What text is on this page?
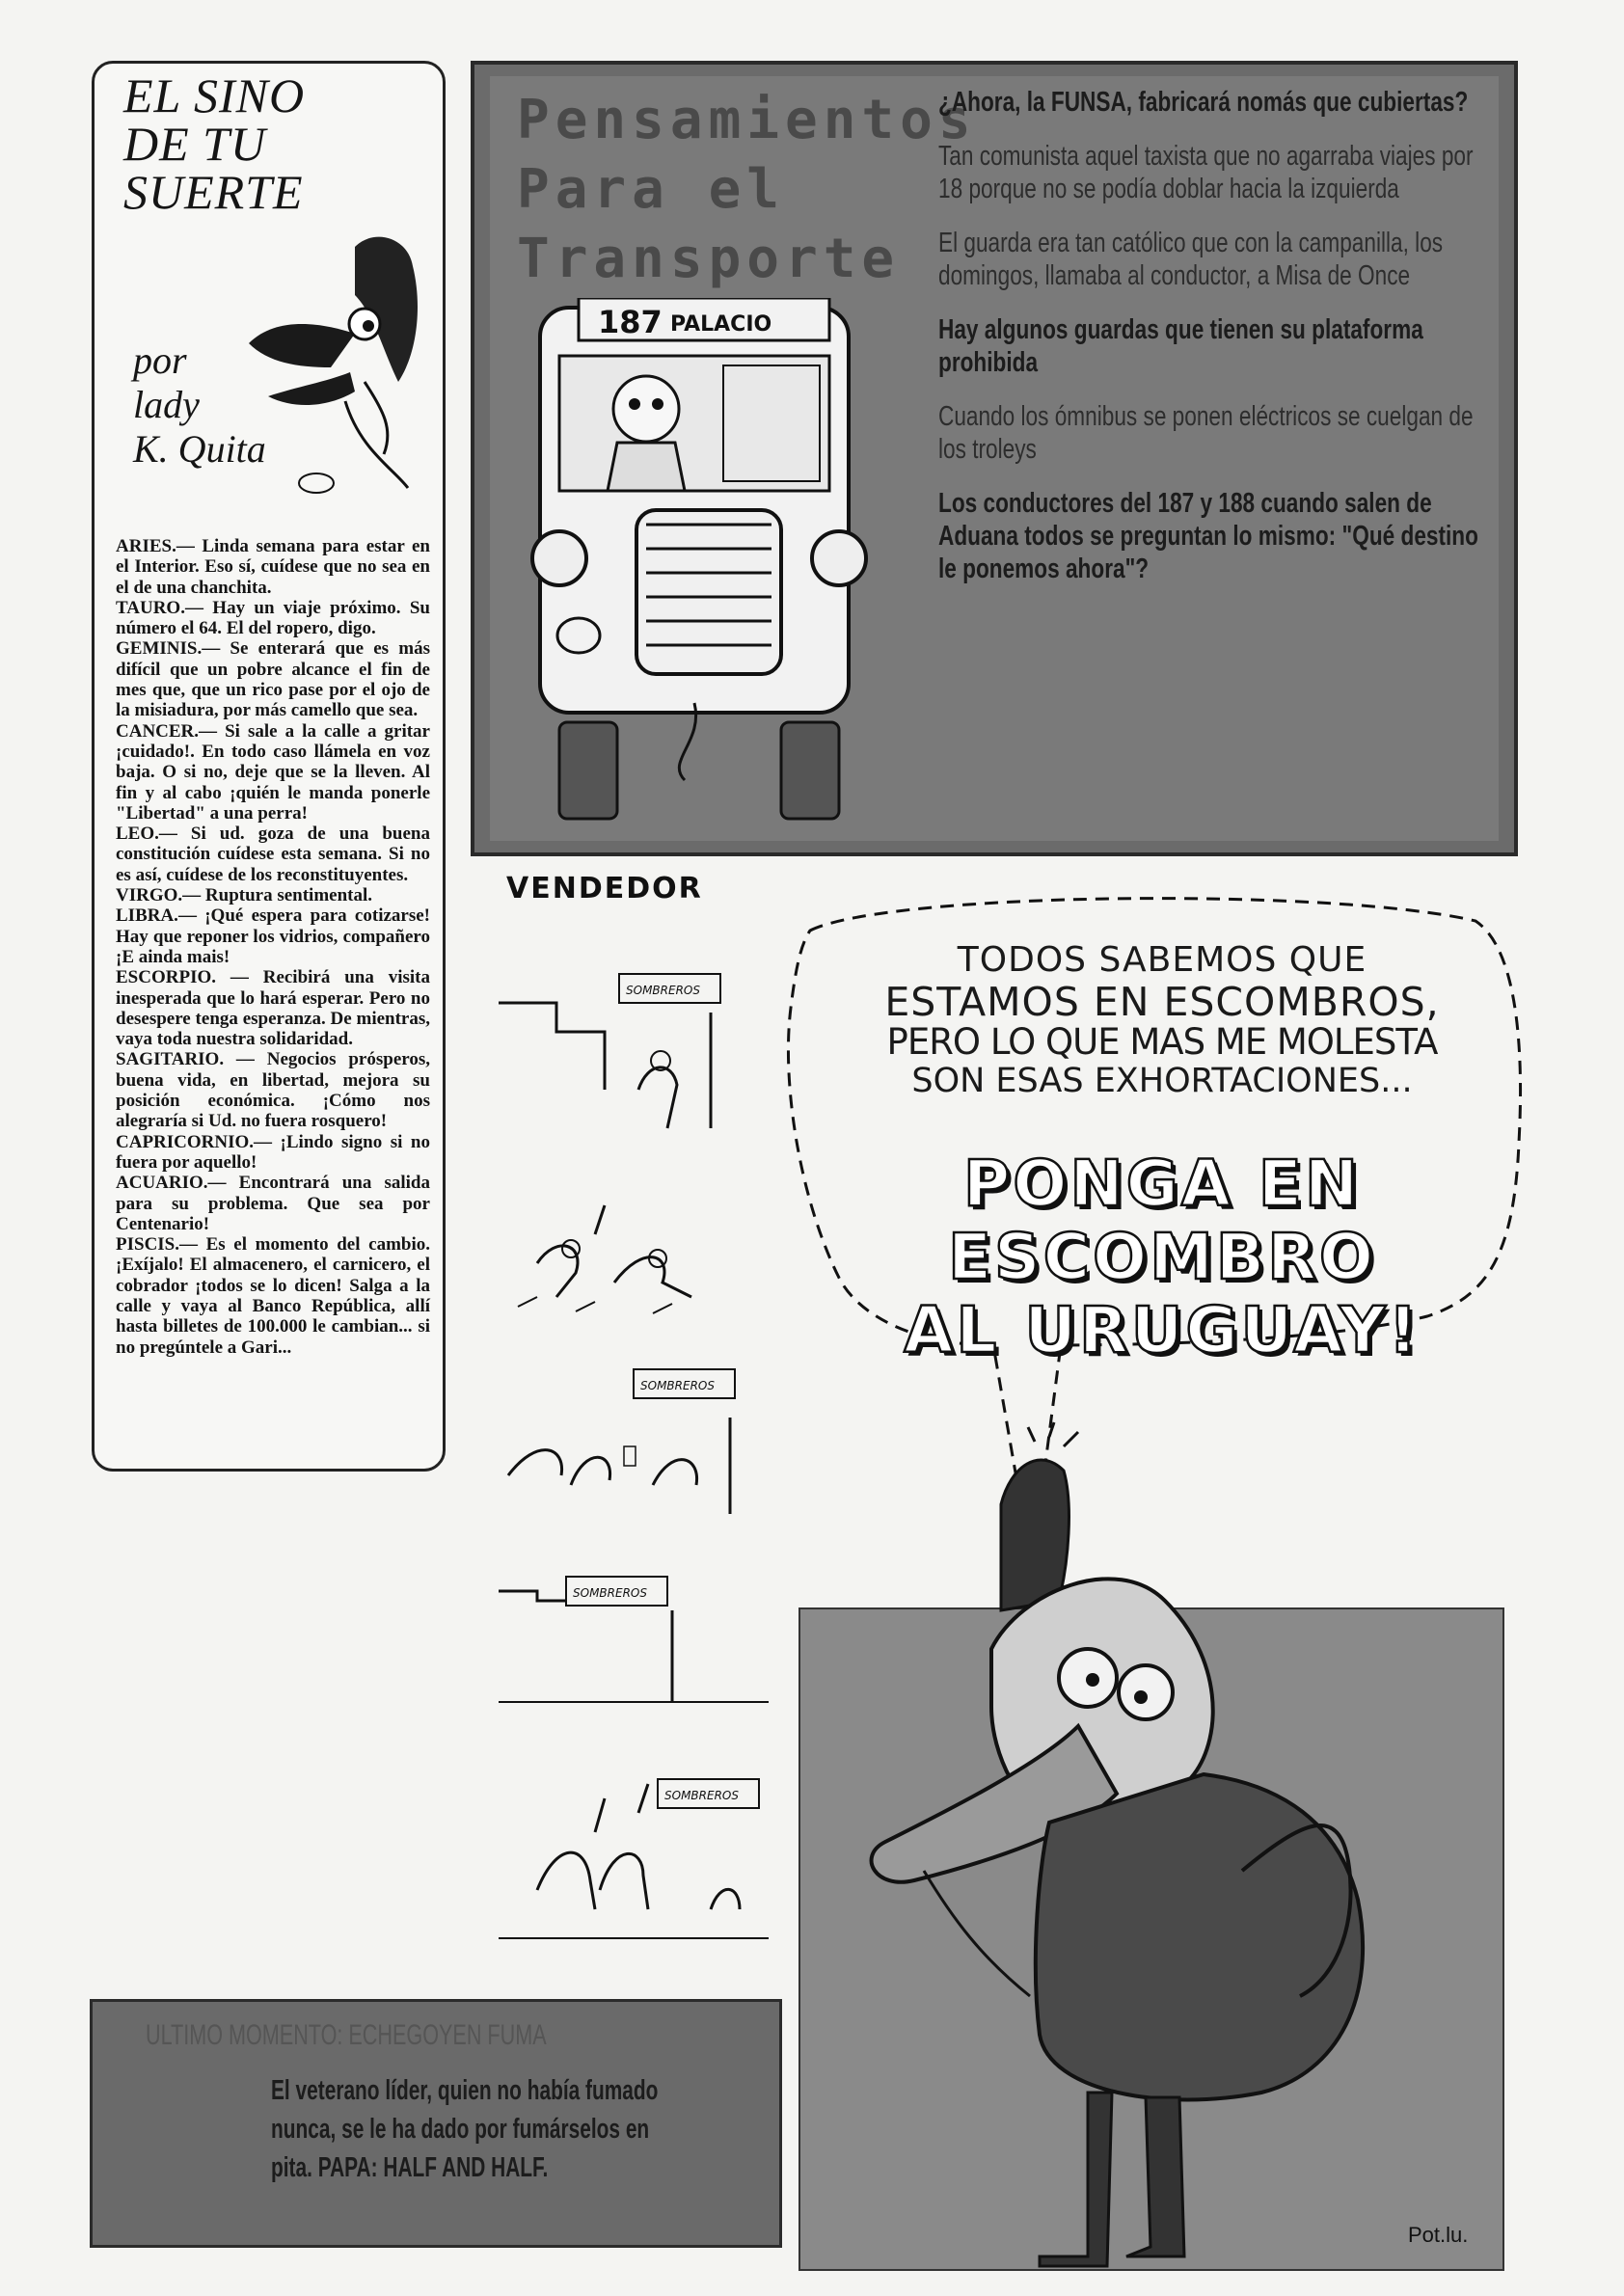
EL SINO
DE TU
SUERTE
por
lady
K. Quita

ARIES.— Linda semana para estar en el Interior. Eso sí, cuídese que no sea en el de una chanchita.

TAURO.— Hay un viaje próximo. Su número el 64. El del ropero, digo.

GEMINIS.— Se enterará que es más difícil que un pobre alcance el fin de mes que, que un rico pase por el ojo de la misiadura, por más camello que sea.

CANCER.— Si sale a la calle a gritar ¡cuidado!. En todo caso llámela en voz baja. O si no, deje que se la lleven. Al fin y al cabo ¡quién le manda ponerle "Libertad" a una perra!

LEO.— Si ud. goza de una buena constitución cuídese esta semana. Si no es así, cuídese de los reconstituyentes.

VIRGO.— Ruptura sentimental.

LIBRA.— ¡Qué espera para cotizarse! Hay que reponer los vidrios, compañero ¡E ainda mais!

ESCORPIO. — Recibirá una visita inesperada que lo hará esperar. Pero no desespere tenga esperanza. De mientras, vaya toda nuestra solidaridad.

SAGITARIO. — Negocios prósperos, buena vida, en libertad, mejora su posición económica. ¡Cómo nos alegraría si Ud. no fuera rosquero!

CAPRICORNIO.— ¡Lindo signo si no fuera por aquello!

ACUARIO.— Encontrará una salida para su problema. Que sea por Centenario!

PISCIS.— Es el momento del cambio. ¡Exíjalo! El almacenero, el carnicero, el cobrador ¡todos se lo dicen! Salga a la calle y vaya al Banco República, allí hasta billetes de 100.000 le cambian... si no pregúntele a Gari...

Pensamientos
Para el
Transporte
187 PALACIO

¿Ahora, la FUNSA, fabricará nomás que cubiertas?

Tan comunista aquel taxista que no agarraba viajes por 18 porque no se podía doblar hacia la izquierda

El guarda era tan católico que con la campanilla, los domingos, llamaba al conductor, a Misa de Once

Hay algunos guardas que tienen su plataforma prohibida

Cuando los ómnibus se ponen eléctricos se cuelgan de los troleys

Los conductores del 187 y 188 cuando salen de Aduana todos se preguntan lo mismo: "Qué destino le ponemos ahora"?

VENDEDOR
SOMBREROS
SOMBREROS
SOMBREROS
SOMBREROS
TODOS SABEMOS QUE
ESTAMOS EN ESCOMBROS,
PERO LO QUE MAS ME MOLESTA
SON ESAS EXHORTACIONES...
PONGA EN
ESCOMBRO
AL URUGUAY!
Pot.lu.
ULTIMO MOMENTO: ECHEGOYEN FUMA
El veterano líder, quien no había fumado nunca, se le ha dado por fumárselos en pita. PAPA: HALF AND HALF.
